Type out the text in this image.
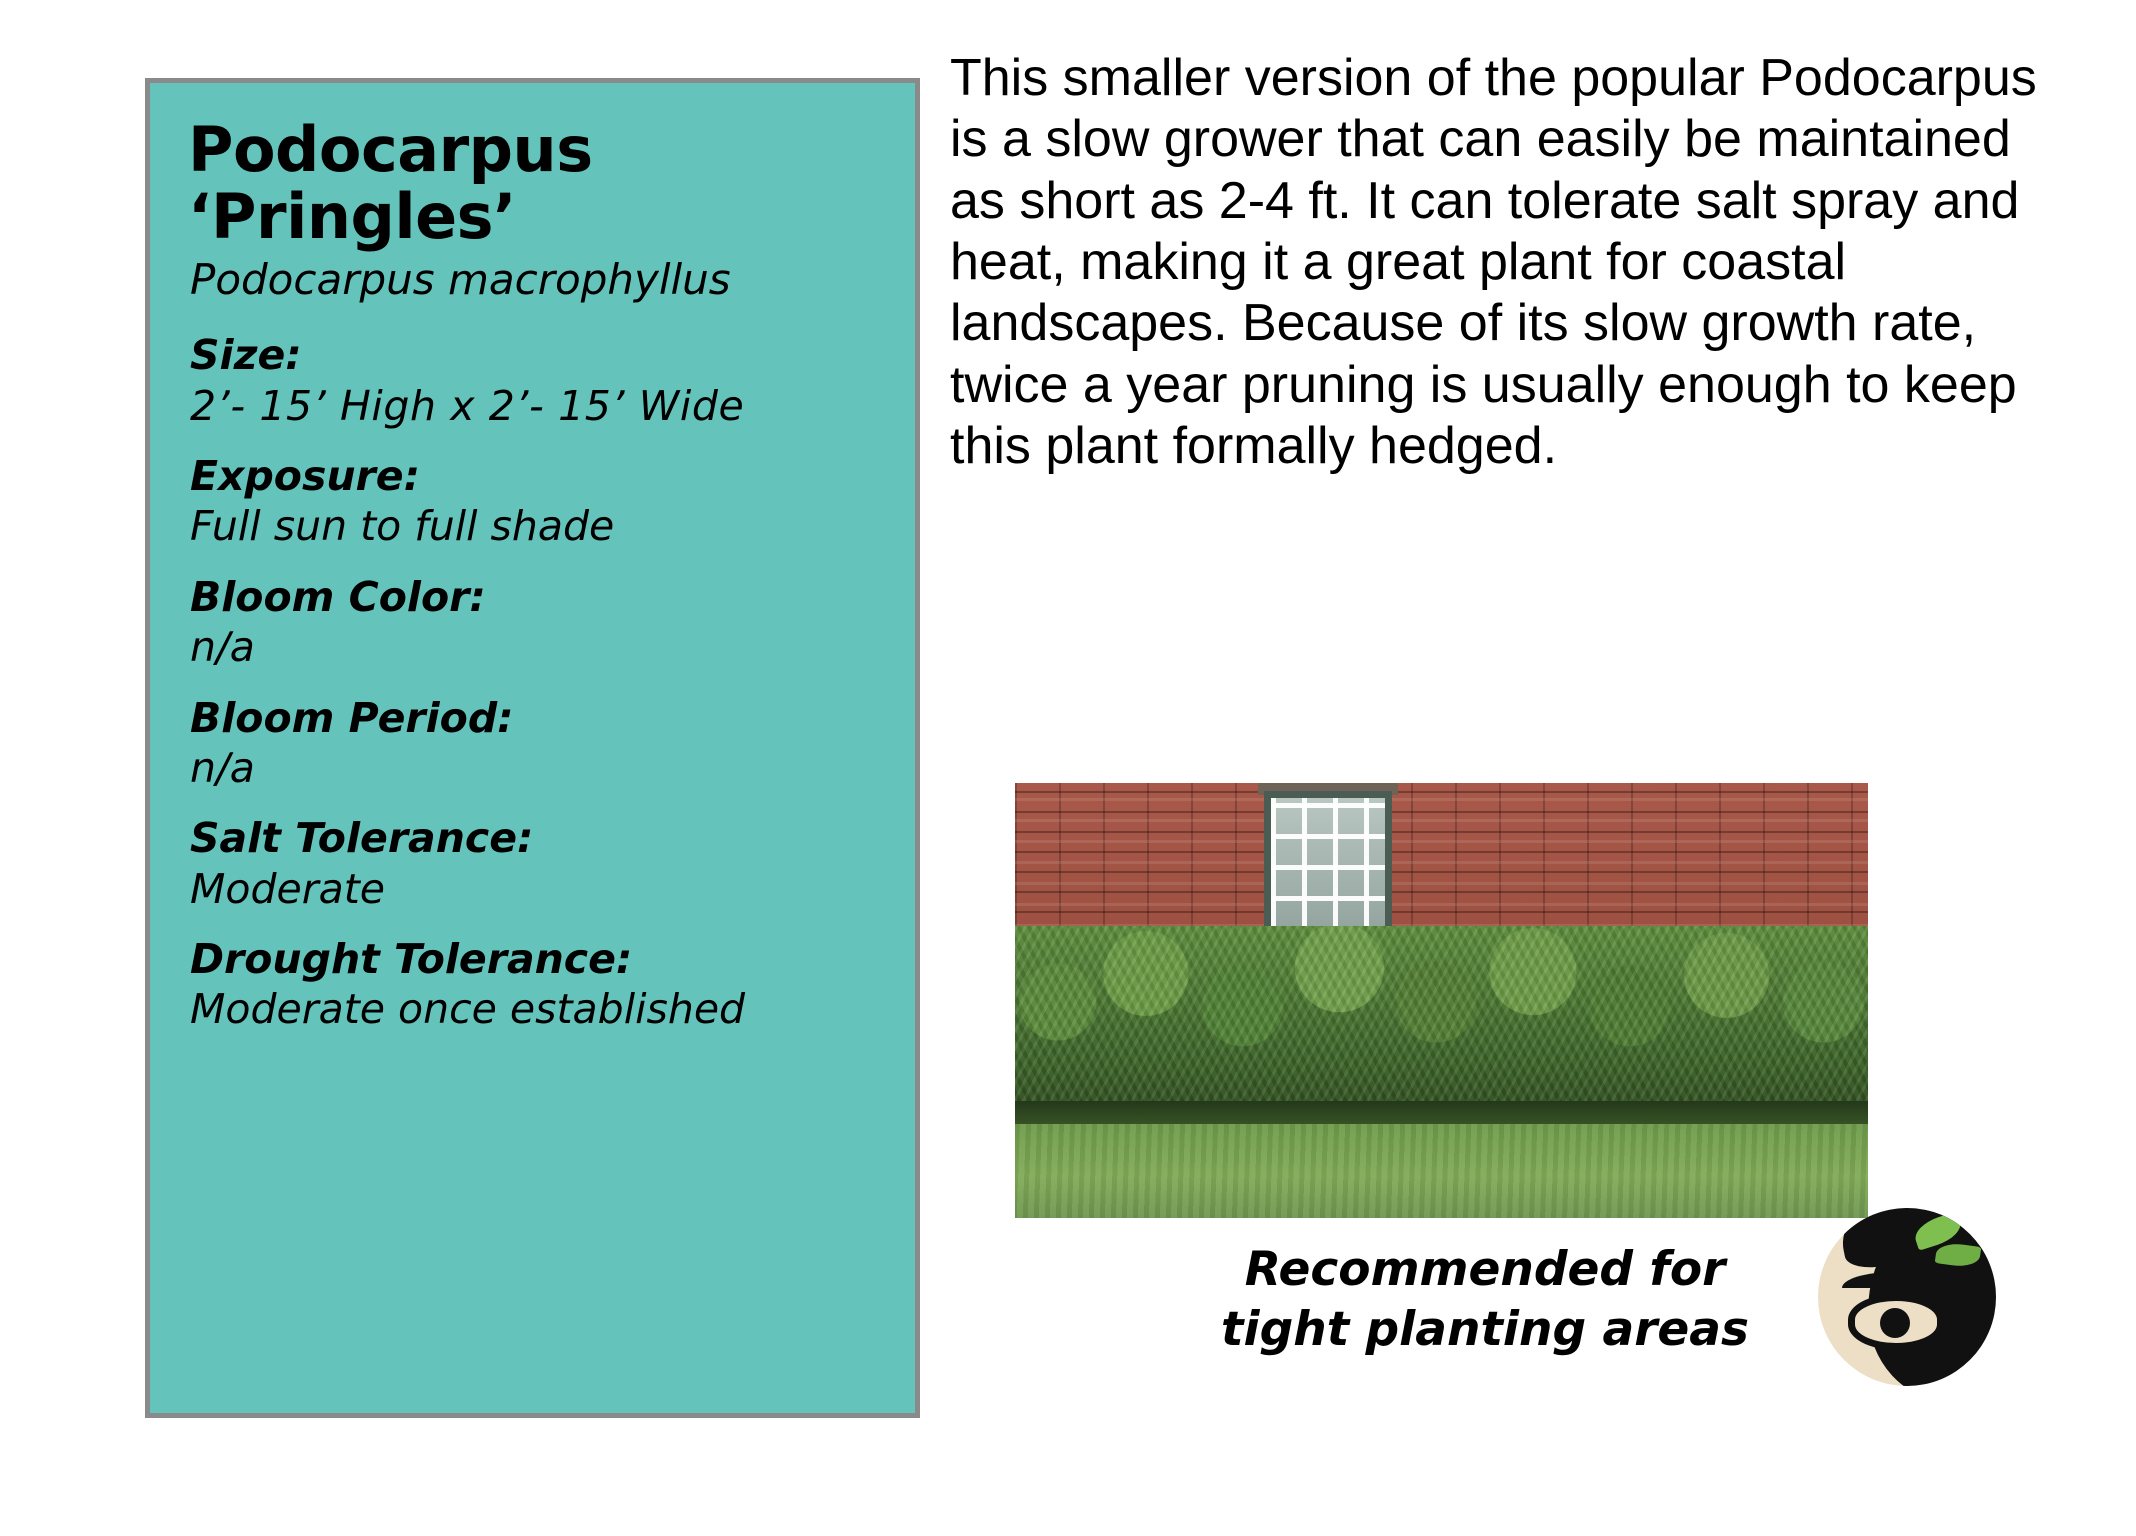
Podocarpus ‘Pringles’
Podocarpus macrophyllus
Size:
2’- 15’ High x 2’- 15’ Wide
Exposure:
Full sun to full shade
Bloom Color:
n/a
Bloom Period:
n/a
Salt Tolerance:
Moderate
Drought Tolerance:
Moderate once established

This smaller version of the popular Podocarpus is a slow grower that can easily be maintained as short as 2-4 ft. It can tolerate salt spray and heat, making it a great plant for coastal landscapes. Because of its slow growth rate, twice a year pruning is usually enough to keep this plant formally hedged.

Recommended for
tight planting areas
